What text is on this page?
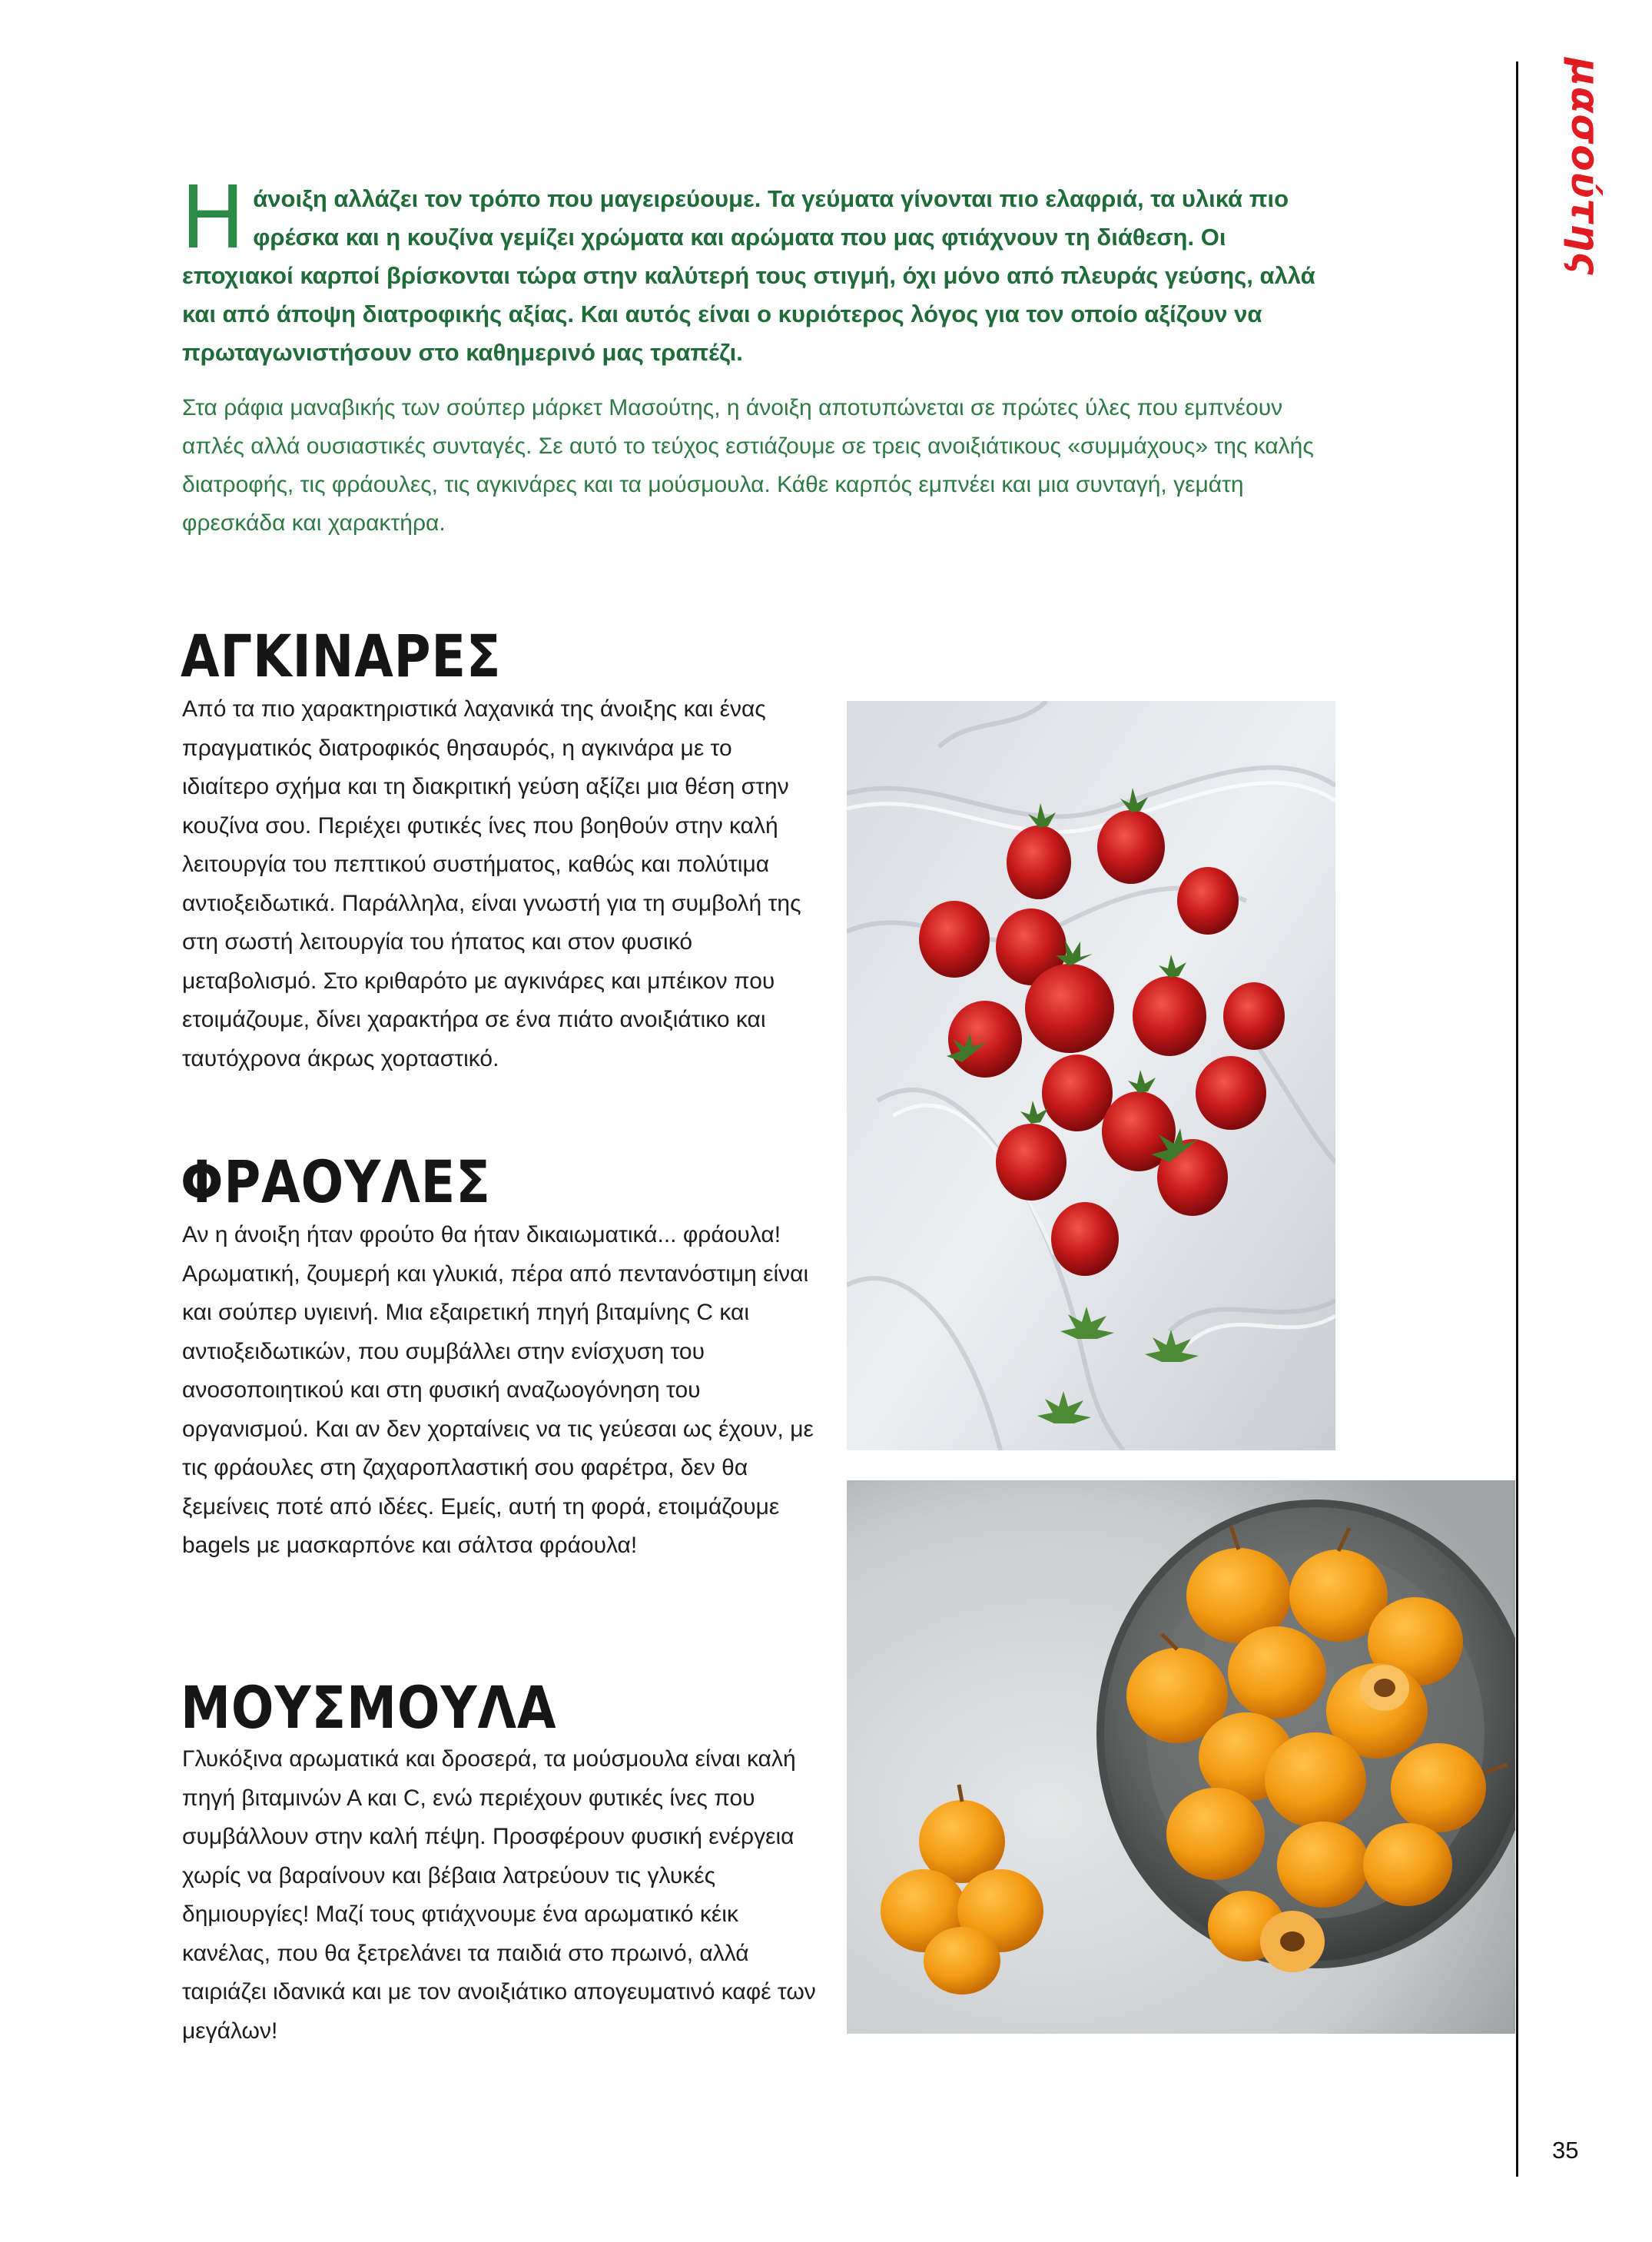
μασούτης

Ηάνοιξη αλλάζει τον τρόπο που μαγειρεύουμε. Τα γεύματα γίνονται πιο ελαφριά, τα υλικά πιο φρέσκα και η κουζίνα γεμίζει χρώματα και αρώματα που μας φτιάχνουν τη διάθεση. Οι εποχιακοί καρποί βρίσκονται τώρα στην καλύτερή τους στιγμή, όχι μόνο από πλευράς γεύσης, αλλά και από άποψη διατροφικής αξίας. Και αυτός είναι ο κυριότερος λόγος για τον οποίο αξίζουν να πρωταγωνιστήσουν στο καθημερινό μας τραπέζι.

Στα ράφια μαναβικής των σούπερ μάρκετ Μασούτης, η άνοιξη αποτυπώνεται σε πρώτες ύλες που εμπνέουν απλές αλλά ουσιαστικές συνταγές. Σε αυτό το τεύχος εστιάζουμε σε τρεις ανοιξιάτικους «συμμάχους» της καλής διατροφής, τις φράουλες, τις αγκινάρες και τα μούσμουλα. Κάθε καρπός εμπνέει και μια συνταγή, γεμάτη φρεσκάδα και χαρακτήρα.

ΑΓΚΙΝΑΡΕΣ

Από τα πιο χαρακτηριστικά λαχανικά της άνοιξης και ένας πραγματικός διατροφικός θησαυρός, η αγκινάρα με το ιδιαίτερο σχήμα και τη διακριτική γεύση αξίζει μια θέση στην κουζίνα σου. Περιέχει φυτικές ίνες που βοηθούν στην καλή λειτουργία του πεπτικού συστήματος, καθώς και πολύτιμα αντιοξειδωτικά. Παράλληλα, είναι γνωστή για τη συμβολή της στη σωστή λειτουργία του ήπατος και στον φυσικό μεταβολισμό. Στο κριθαρότο με αγκινάρες και μπέικον που ετοιμάζουμε, δίνει χαρακτήρα σε ένα πιάτο ανοιξιάτικο και ταυτόχρονα άκρως χορταστικό.

ΦΡΑΟΥΛΕΣ

Αν η άνοιξη ήταν φρούτο θα ήταν δικαιωματικά... φράουλα! Αρωματική, ζουμερή και γλυκιά, πέρα από πεντανόστιμη είναι και σούπερ υγιεινή. Μια εξαιρετική πηγή βιταμίνης C και αντιοξειδωτικών, που συμβάλλει στην ενίσχυση του ανοσοποιητικού και στη φυσική αναζωογόνηση του οργανισμού. Και αν δεν χορταίνεις να τις γεύεσαι ως έχουν, με τις φράουλες στη ζαχαροπλαστική σου φαρέτρα, δεν θα ξεμείνεις ποτέ από ιδέες. Εμείς, αυτή τη φορά, ετοιμάζουμε bagels με μασκαρπόνε και σάλτσα φράουλα!

ΜΟΥΣΜΟΥΛΑ

Γλυκόξινα αρωματικά και δροσερά, τα μούσμουλα είναι καλή πηγή βιταμινών Α και C, ενώ περιέχουν φυτικές ίνες που συμβάλλουν στην καλή πέψη. Προσφέρουν φυσική ενέργεια χωρίς να βαραίνουν και βέβαια λατρεύουν τις γλυκές δημιουργίες! Μαζί τους φτιάχνουμε ένα αρωματικό κέικ κανέλας, που θα ξετρελάνει τα παιδιά στο πρωινό, αλλά ταιριάζει ιδανικά και με τον ανοιξιάτικο απογευματινό καφέ των μεγάλων!

35
